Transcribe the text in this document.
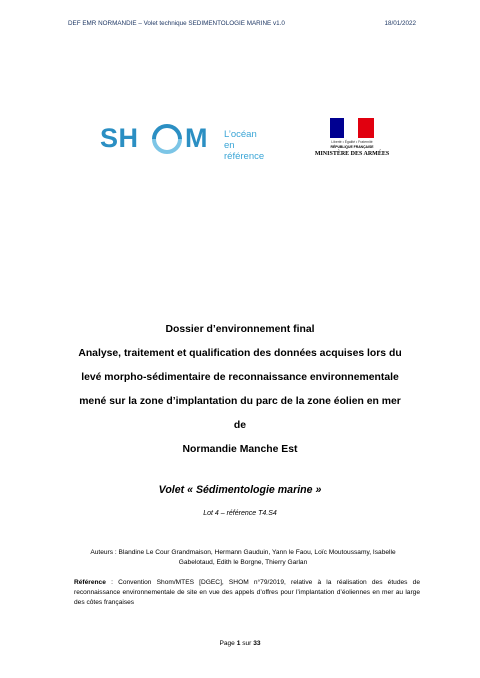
DEF EMR NORMANDIE – Volet technique SEDIMENTOLOGIE MARINE v1.0	18/01/2022
SH M L’océan
en référence
Liberté • Égalité • Fraternité
RÉPUBLIQUE FRANÇAISE
MINISTÈRE DES ARMÉES
Dossier d’environnement final
Analyse, traitement et qualification des données acquises lors du
levé morpho-sédimentaire de reconnaissance environnementale
mené sur la zone d’implantation du parc de la zone éolien en mer
de
Normandie Manche Est
Volet « Sédimentologie marine »
Lot 4 – référence T4.S4
Auteurs : Blandine Le Cour Grandmaison, Hermann Gauduin, Yann le Faou, Loïc Moutoussamy, Isabelle Gabelotaud, Edith le Borgne, Thierry Garlan
Référence : Convention Shom/MTES [DGEC], SHOM n°79/2019, relative à la réalisation des études de reconnaissance environnementale de site en vue des appels d’offres pour l’implantation d’éoliennes en mer au large des côtes françaises
Page 1 sur 33
